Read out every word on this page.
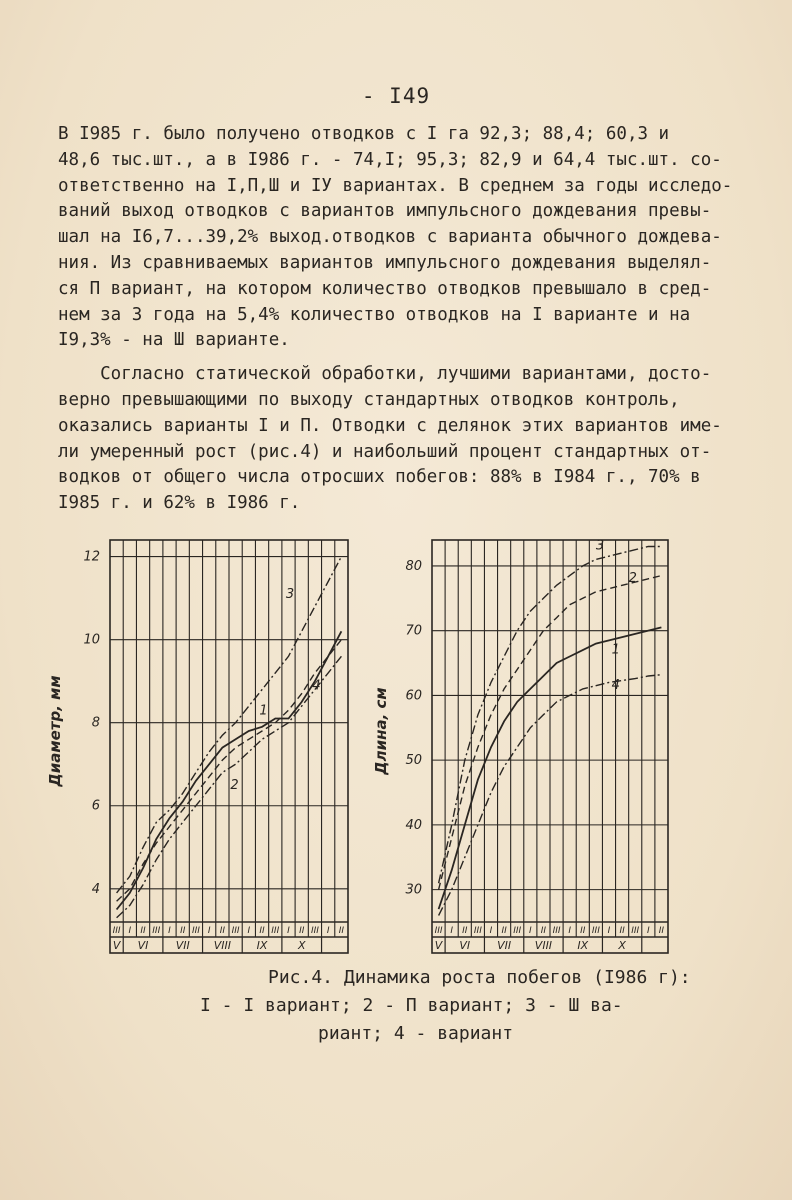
- I49

В I985 г. было получено отводков с I га 92,3; 88,4; 60,3 и

48,6 тыс.шт., а в I986 г. - 74,I; 95,3; 82,9 и 64,4 тыс.шт. со-

ответственно на I,П,Ш и IУ вариантах. В среднем за годы исследо-

ваний выход отводков с вариантов импульсного дождевания превы-

шал на I6,7...39,2% выход.отводков с варианта обычного дождева-

ния. Из сравниваемых вариантов импульсного дождевания выделял-

ся П вариант, на котором количество отводков превышало в сред-

нем за 3 года на 5,4% количество отводков на I варианте и на

I9,3% - на Ш варианте.

Согласно статической обработки, лучшими вариантами, досто-

верно превышающими по выходу стандартных отводков контроль,

оказались варианты I и П. Отводки с делянок этих вариантов име-

ли умеренный рост (рис.4) и наибольший процент стандартных от-

водков от общего числа отросших побегов: 88% в I984 г., 70% в

I985 г. и 62% в I986 г.

4
6
8
10
12
III I II III I II III I II III I II III I II III I II
V VI VII VIII IX	X
Диаметр, мм	1
2
3
4
30
40
50
60
70
80
III I II III I II III I II III I II III I II III I II
V VI VII VIII IX	X
Длина, см
1
2
3
4
Рис.4. Динамика роста побегов (I986 г):
I - I вариант; 2 - П вариант; 3 - Ш ва-
риант; 4 - вариант
